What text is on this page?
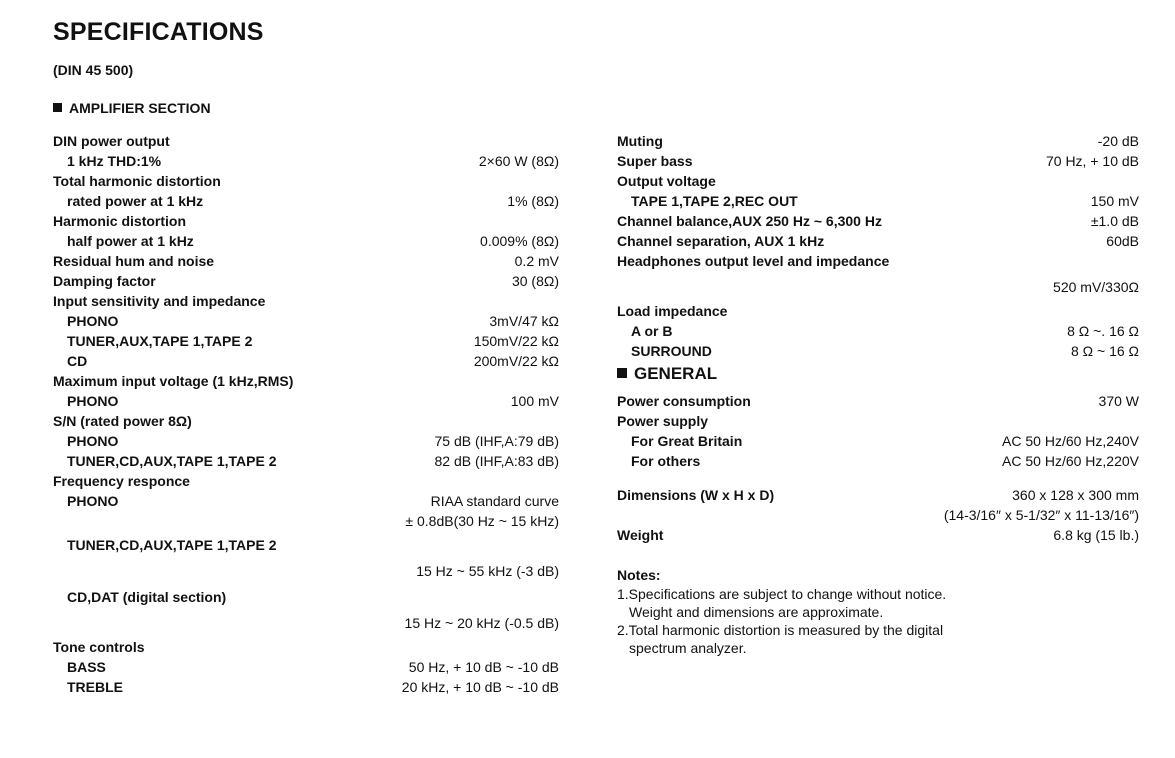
SPECIFICATIONS
(DIN 45 500)
AMPLIFIER SECTION
DIN power output
1 kHz THD:1%	2×60 W (8Ω)
Total harmonic distortion
rated power at 1 kHz	1% (8Ω)
Harmonic distortion
half power at 1 kHz	0.009% (8Ω)
Residual hum and noise	0.2 mV
Damping factor	30 (8Ω)
Input sensitivity and impedance
PHONO	3mV/47 kΩ
TUNER,AUX,TAPE 1,TAPE 2	150mV/22 kΩ
CD	200mV/22 kΩ
Maximum input voltage (1 kHz,RMS)
PHONO	100 mV
S/N (rated power 8Ω)
PHONO	75 dB (IHF,A:79 dB)
TUNER,CD,AUX,TAPE 1,TAPE 2	82 dB (IHF,A:83 dB)
Frequency responce
PHONO	RIAA standard curve
± 0.8dB(30 Hz ~ 15 kHz)
TUNER,CD,AUX,TAPE 1,TAPE 2
15 Hz ~ 55 kHz (-3 dB)
CD,DAT (digital section)
15 Hz ~ 20 kHz (-0.5 dB)
Tone controls
BASS	50 Hz, + 10 dB ~ -10 dB
TREBLE	20 kHz, + 10 dB ~ -10 dB
Muting	-20 dB
Super bass	70 Hz, + 10 dB
Output voltage
TAPE 1,TAPE 2,REC OUT	150 mV
Channel balance,AUX 250 Hz ~ 6,300 Hz	±1.0 dB
Channel separation, AUX 1 kHz	60dB
Headphones output level and impedance
520 mV/330Ω
Load impedance
A or B	8 Ω ~. 16 Ω
SURROUND	8 Ω ~ 16 Ω
GENERAL
Power consumption	370 W
Power supply
For Great Britain	AC 50 Hz/60 Hz,240V
For others	AC 50 Hz/60 Hz,220V
Dimensions (W x H x D)	360 x 128 x 300 mm
(14-3/16″ x 5-1/32″ x 11-13/16″)
Weight	6.8 kg (15 lb.)
Notes:
1.Specifications are subject to change without notice.
Weight and dimensions are approximate.
2.Total harmonic distortion is measured by the digital
spectrum analyzer.
